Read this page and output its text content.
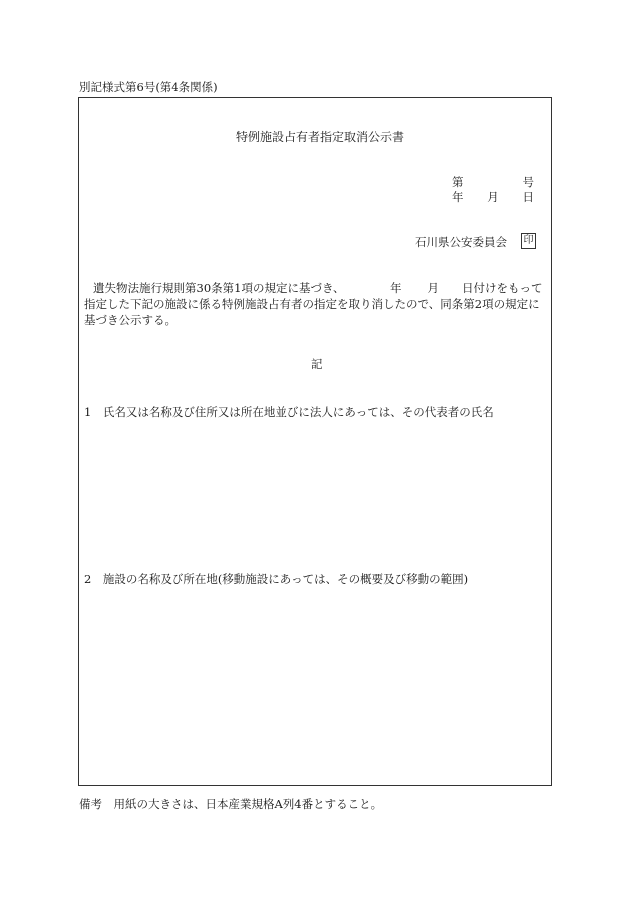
別記様式第6号(第4条関係)
特例施設占有者指定取消公示書
第	号
年 月 日
石川県公安委員会 印
遺失物法施行規則第30条第1項の規定に基づき、	年 月 日付けをもって
指定した下記の施設に係る特例施設占有者の指定を取り消したので、同条第2項の規定に
基づき公示する。
記
1　氏名又は名称及び住所又は所在地並びに法人にあっては、その代表者の氏名
2　施設の名称及び所在地(移動施設にあっては、その概要及び移動の範囲)
備考　用紙の大きさは、日本産業規格A列4番とすること。
